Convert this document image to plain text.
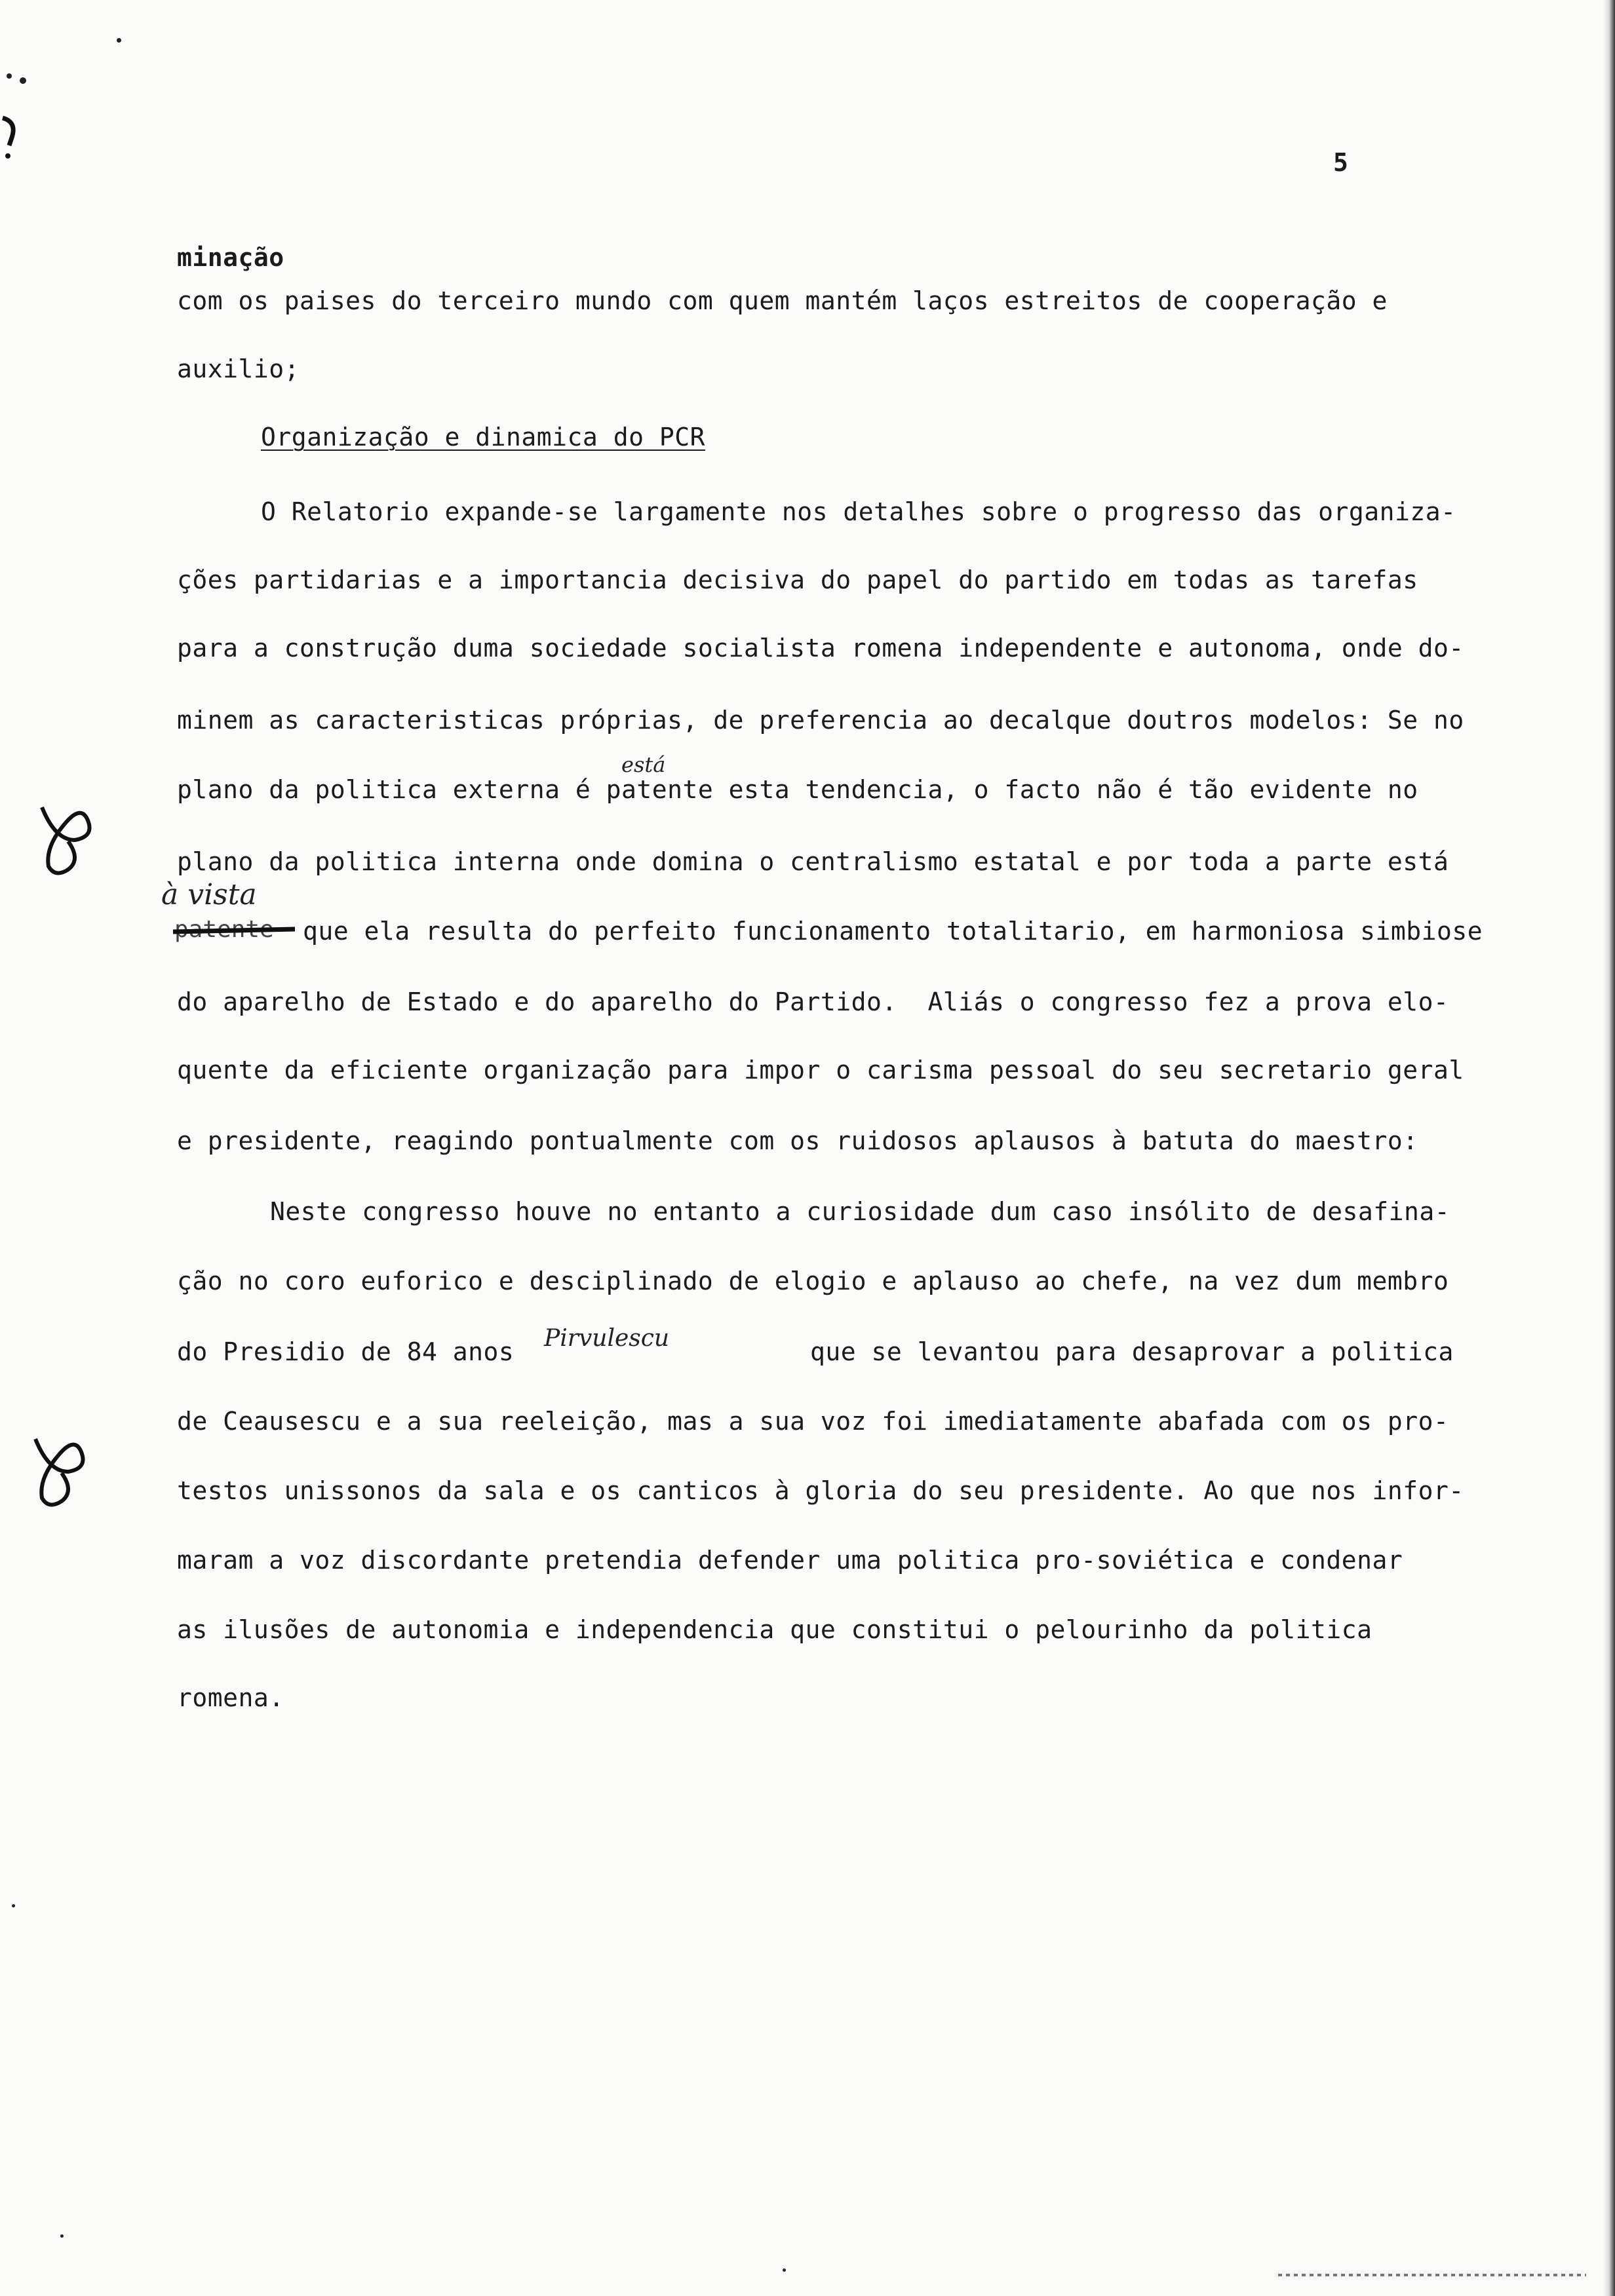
5
minação
com os paises do terceiro mundo com quem mantém laços estreitos de cooperação e
auxilio;
Organização e dinamica do PCR
O Relatorio expande-se largamente nos detalhes sobre o progresso das organiza-
ções partidarias e a importancia decisiva do papel do partido em todas as tarefas
para a construção duma sociedade socialista romena independente e autonoma, onde do-
minem as caracteristicas próprias, de preferencia ao decalque doutros modelos: Se no
plano da politica externa é patente esta tendencia, o facto não é tão evidente no
plano da politica interna onde domina o centralismo estatal e por toda a parte está
que ela resulta do perfeito funcionamento totalitario, em harmoniosa simbiose
do aparelho de Estado e do aparelho do Partido.  Aliás o congresso fez a prova elo-
quente da eficiente organização para impor o carisma pessoal do seu secretario geral
e presidente, reagindo pontualmente com os ruidosos aplausos à batuta do maestro:
Neste congresso houve no entanto a curiosidade dum caso insólito de desafina-
ção no coro euforico e desciplinado de elogio e aplauso ao chefe, na vez dum membro
do Presidio de 84 anos	que se levantou para desaprovar a politica
de Ceausescu e a sua reeleição, mas a sua voz foi imediatamente abafada com os pro-
testos unissonos da sala e os canticos à gloria do seu presidente. Ao que nos infor-
maram a voz discordante pretendia defender uma politica pro-soviética e condenar
as ilusões de autonomia e independencia que constitui o pelourinho da politica
romena.
está
à vista
patente
Pirvulescu
